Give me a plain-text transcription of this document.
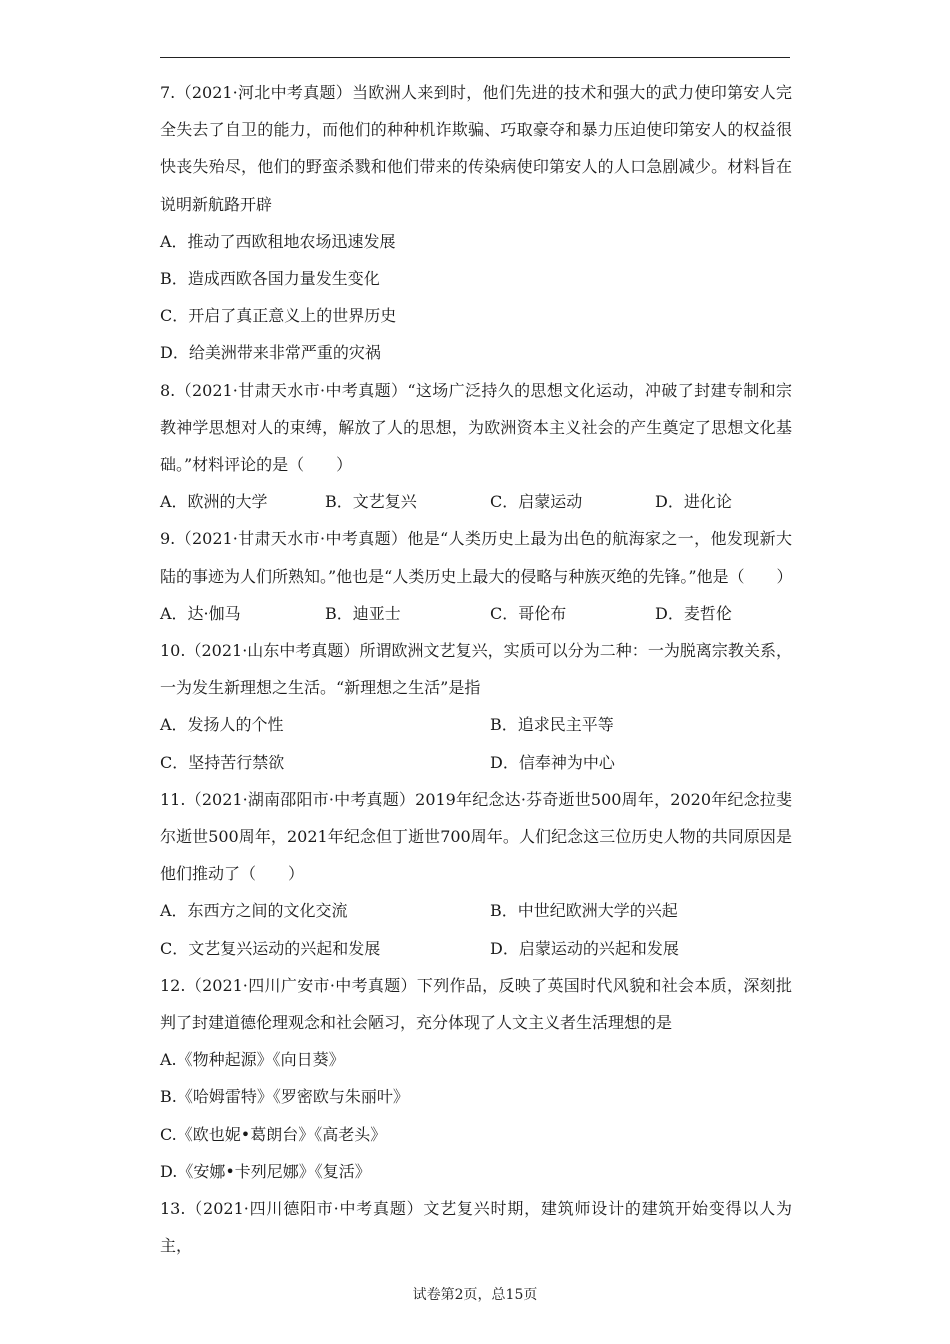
7.（2021·河北中考真题）当欧洲人来到时，他们先进的技术和强大的武力使印第安人完全失去了自卫的能力，而他们的种种机诈欺骗、巧取豪夺和暴力压迫使印第安人的权益很快丧失殆尽，他们的野蛮杀戮和他们带来的传染病使印第安人的人口急剧减少。材料旨在说明新航路开辟

A．推动了西欧租地农场迅速发展
B．造成西欧各国力量发生变化
C．开启了真正意义上的世界历史
D．给美洲带来非常严重的灾祸

8.（2021·甘肃天水市·中考真题）“这场广泛持久的思想文化运动，冲破了封建专制和宗教神学思想对人的束缚，解放了人的思想，为欧洲资本主义社会的产生奠定了思想文化基础。”材料评论的是（　　）

A．欧洲的大学	B．文艺复兴	C．启蒙运动	D．进化论

9.（2021·甘肃天水市·中考真题）他是“人类历史上最为出色的航海家之一，他发现新大陆的事迹为人们所熟知。”他也是“人类历史上最大的侵略与种族灭绝的先锋。”他是（　　）

A．达·伽马	B．迪亚士	C．哥伦布	D．麦哲伦

10.（2021·山东中考真题）所谓欧洲文艺复兴，实质可以分为二种：一为脱离宗教关系，一为发生新理想之生活。“新理想之生活”是指

A．发扬人的个性	B．追求民主平等
C．坚持苦行禁欲	D．信奉神为中心

11.（2021·湖南邵阳市·中考真题）2019年纪念达·芬奇逝世500周年，2020年纪念拉斐尔逝世500周年，2021年纪念但丁逝世700周年。人们纪念这三位历史人物的共同原因是他们推动了（　　）

A．东西方之间的文化交流	B．中世纪欧洲大学的兴起
C．文艺复兴运动的兴起和发展	D．启蒙运动的兴起和发展

12.（2021·四川广安市·中考真题）下列作品，反映了英国时代风貌和社会本质，深刻批判了封建道德伦理观念和社会陋习，充分体现了人文主义者生活理想的是

A.《物种起源》《向日葵》
B.《哈姆雷特》《罗密欧与朱丽叶》
C.《欧也妮•葛朗台》《高老头》
D.《安娜•卡列尼娜》《复活》

13.（2021·四川德阳市·中考真题）文艺复兴时期，建筑师设计的建筑开始变得以人为主，

试卷第2页，总15页
